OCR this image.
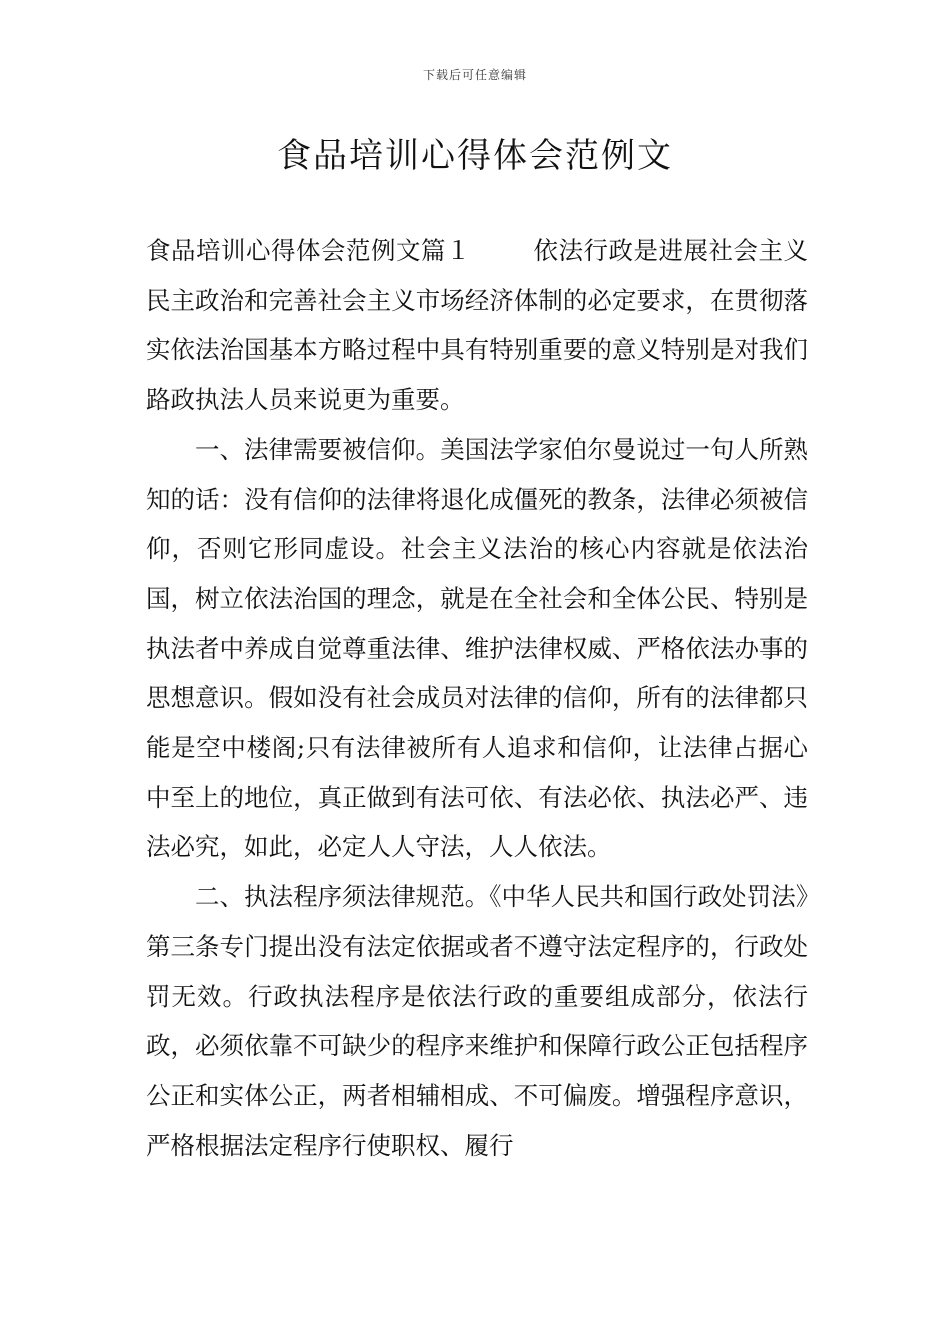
下载后可任意编辑
食品培训心得体会范例文

食品培训心得体会范例文篇１	依法行政是进展社会主义民主政治和完善社会主义市场经济体制的必定要求，在贯彻落实依法治国基本方略过程中具有特别重要的意义特别是对我们路政执法人员来说更为重要。

一、法律需要被信仰。美国法学家伯尔曼说过一句人所熟知的话：没有信仰的法律将退化成僵死的教条，法律必须被信仰，否则它形同虚设。社会主义法治的核心内容就是依法治国，树立依法治国的理念，就是在全社会和全体公民、特别是执法者中养成自觉尊重法律、维护法律权威、严格依法办事的思想意识。假如没有社会成员对法律的信仰，所有的法律都只能是空中楼阁;只有法律被所有人追求和信仰，让法律占据心中至上的地位，真正做到有法可依、有法必依、执法必严、违法必究，如此，必定人人守法，人人依法。

二、执法程序须法律规范。《中华人民共和国行政处罚法》第三条专门提出没有法定依据或者不遵守法定程序的，行政处罚无效。行政执法程序是依法行政的重要组成部分，依法行政，必须依靠不可缺少的程序来维护和保障行政公正包括程序公正和实体公正，两者相辅相成、不可偏废。增强程序意识，严格根据法定程序行使职权、履行
